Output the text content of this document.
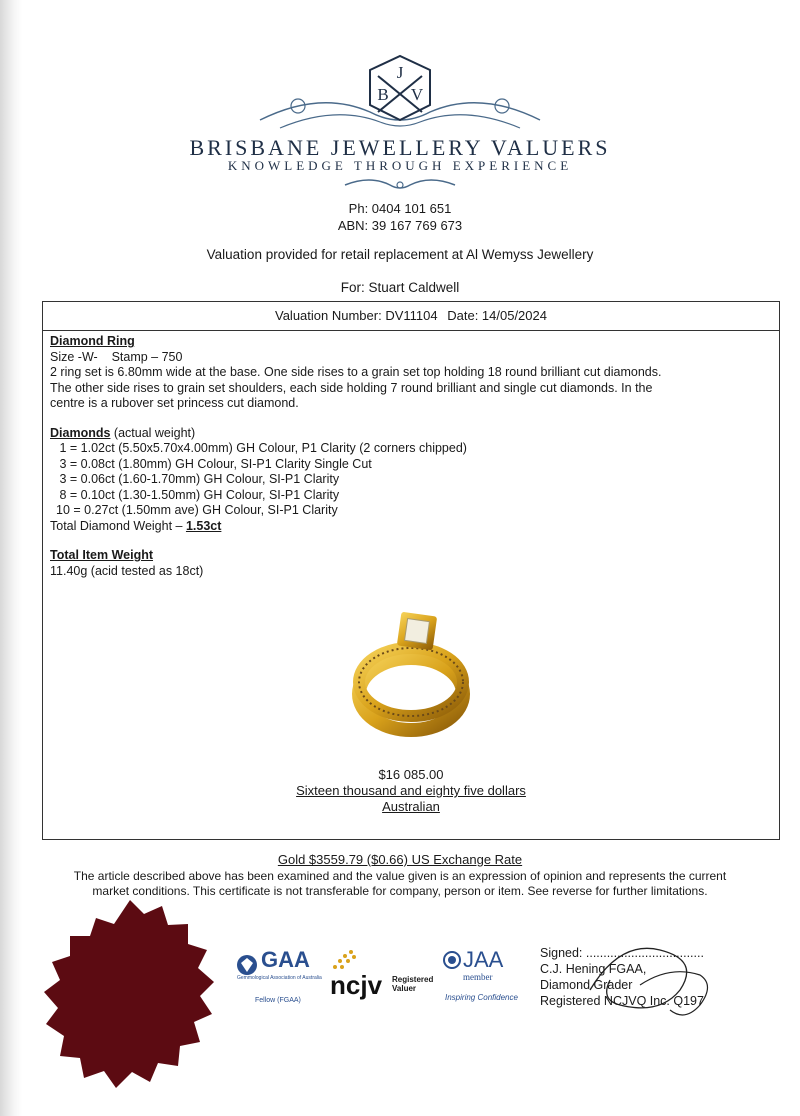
J
B V
BRISBANE JEWELLERY VALUERS
KNOWLEDGE THROUGH EXPERIENCE
Ph: 0404 101 651
ABN: 39 167 769 673
Valuation provided for retail replacement at Al Wemyss Jewellery
For: Stuart Caldwell
Valuation Number: DV11104 Date: 14/05/2024
Diamond Ring
Size -W-    Stamp – 750
2 ring set is 6.80mm wide at the base. One side rises to a grain set top holding 18 round brilliant cut diamonds.
The other side rises to grain set shoulders, each side holding 7 round brilliant and single cut diamonds. In the
centre is a rubover set princess cut diamond.
Diamonds (actual weight)
1 = 1.02ct (5.50x5.70x4.00mm) GH Colour, P1 Clarity (2 corners chipped)
3 = 0.08ct (1.80mm) GH Colour, SI-P1 Clarity Single Cut
3 = 0.06ct (1.60-1.70mm) GH Colour, SI-P1 Clarity
8 = 0.10ct (1.30-1.50mm) GH Colour, SI-P1 Clarity
10 = 0.27ct (1.50mm ave) GH Colour, SI-P1 Clarity
Total Diamond Weight – 1.53ct
Total Item Weight
11.40g (acid tested as 18ct)
$16 085.00
Sixteen thousand and eighty five dollars
Australian
Gold $3559.79 ($0.66) US Exchange Rate
The article described above has been examined and the value given is an expression of opinion and represents the current market conditions. This certificate is not transferable for company, person or item. See reverse for further limitations.
GAA
Gemmological Association of Australia
Fellow (FGAA)
ncjv Registered
Valuer
JAA
member
Inspiring Confidence
Signed: ..................................
C.J. Hening FGAA,
Diamond Grader
Registered NCJVQ Inc. Q197
